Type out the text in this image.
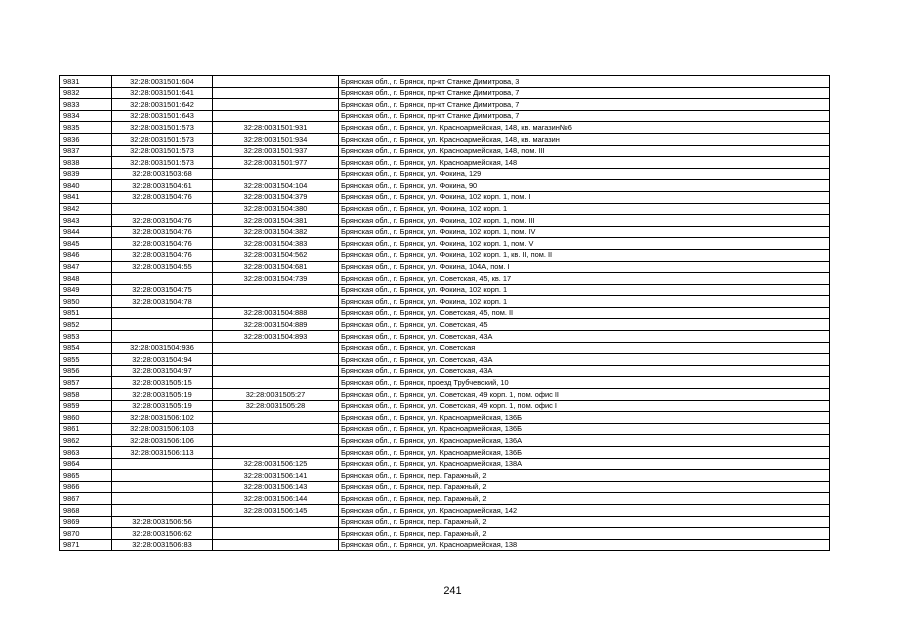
9831	32:28:0031501:604		Брянская обл., г. Брянск, пр-кт Станке Димитрова, 3
9832	32:28:0031501:641		Брянская обл., г. Брянск, пр-кт Станке Димитрова, 7
9833	32:28:0031501:642		Брянская обл., г. Брянск, пр-кт Станке Димитрова, 7
9834	32:28:0031501:643		Брянская обл., г. Брянск, пр-кт Станке Димитрова, 7
9835	32:28:0031501:573	32:28:0031501:931	Брянская обл., г. Брянск, ул. Красноармейская, 148, кв. магазин№6
9836	32:28:0031501:573	32:28:0031501:934	Брянская обл., г. Брянск, ул. Красноармейская, 148, кв. магазин
9837	32:28:0031501:573	32:28:0031501:937	Брянская обл., г. Брянск, ул. Красноармейская, 148, пом. III
9838	32:28:0031501:573	32:28:0031501:977	Брянская обл., г. Брянск, ул. Красноармейская, 148
9839	32:28:0031503:68		Брянская обл., г. Брянск, ул. Фокина, 129
9840	32:28:0031504:61	32:28:0031504:104	Брянская обл., г. Брянск, ул. Фокина, 90
9841	32:28:0031504:76	32:28:0031504:379	Брянская обл., г. Брянск, ул. Фокина, 102 корп. 1, пом. I
9842		32:28:0031504:380	Брянская обл., г. Брянск, ул. Фокина, 102 корп. 1
9843	32:28:0031504:76	32:28:0031504:381	Брянская обл., г. Брянск, ул. Фокина, 102 корп. 1, пом. III
9844	32:28:0031504:76	32:28:0031504:382	Брянская обл., г. Брянск, ул. Фокина, 102 корп. 1, пом. IV
9845	32:28:0031504:76	32:28:0031504:383	Брянская обл., г. Брянск, ул. Фокина, 102 корп. 1, пом. V
9846	32:28:0031504:76	32:28:0031504:562	Брянская обл., г. Брянск, ул. Фокина, 102 корп. 1, кв. II, пом. II
9847	32:28:0031504:55	32:28:0031504:681	Брянская обл., г. Брянск, ул. Фокина, 104А, пом. I
9848		32:28:0031504:739	Брянская обл., г. Брянск, ул. Советская, 45, кв. 17
9849	32:28:0031504:75		Брянская обл., г. Брянск, ул. Фокина, 102 корп. 1
9850	32:28:0031504:78		Брянская обл., г. Брянск, ул. Фокина, 102 корп. 1
9851		32:28:0031504:888	Брянская обл., г. Брянск, ул. Советская, 45, пом. II
9852		32:28:0031504:889	Брянская обл., г. Брянск, ул. Советская, 45
9853		32:28:0031504:893	Брянская обл., г. Брянск, ул. Советская, 43А
9854	32:28:0031504:936		Брянская обл., г. Брянск, ул. Советская
9855	32:28:0031504:94		Брянская обл., г. Брянск, ул. Советская, 43А
9856	32:28:0031504:97		Брянская обл., г. Брянск, ул. Советская, 43А
9857	32:28:0031505:15		Брянская обл., г. Брянск, проезд Трубчевский, 10
9858	32:28:0031505:19	32:28:0031505:27	Брянская обл., г. Брянск, ул. Советская, 49 корп. 1, пом. офис II
9859	32:28:0031505:19	32:28:0031505:28	Брянская обл., г. Брянск, ул. Советская, 49 корп. 1, пом. офис I
9860	32:28:0031506:102		Брянская обл., г. Брянск, ул. Красноармейская, 136Б
9861	32:28:0031506:103		Брянская обл., г. Брянск, ул. Красноармейская, 136Б
9862	32:28:0031506:106		Брянская обл., г. Брянск, ул. Красноармейская, 136А
9863	32:28:0031506:113		Брянская обл., г. Брянск, ул. Красноармейская, 136Б
9864		32:28:0031506:125	Брянская обл., г. Брянск, ул. Красноармейская, 138А
9865		32:28:0031506:141	Брянская обл., г. Брянск, пер. Гаражный, 2
9866		32:28:0031506:143	Брянская обл., г. Брянск, пер. Гаражный, 2
9867		32:28:0031506:144	Брянская обл., г. Брянск, пер. Гаражный, 2
9868		32:28:0031506:145	Брянская обл., г. Брянск, ул. Красноармейская, 142
9869	32:28:0031506:56		Брянская обл., г. Брянск, пер. Гаражный, 2
9870	32:28:0031506:62		Брянская обл., г. Брянск, пер. Гаражный, 2
9871	32:28:0031506:83		Брянская обл., г. Брянск, ул. Красноармейская, 138
241
